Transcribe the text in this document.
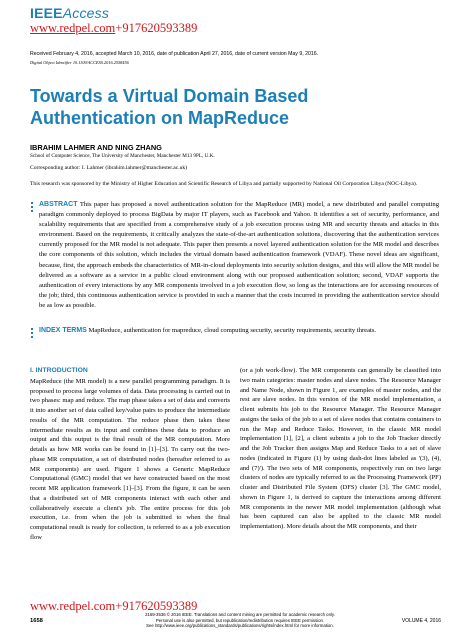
IEEEAccess
www.redpel.com+917620593389
Received February 4, 2016, accepted March 10, 2016, date of publication April 27, 2016, date of current version May 9, 2016.
Digital Object Identifier 10.1109/ACCESS.2016.2558456
Towards a Virtual Domain Based
Authentication on MapReduce
IBRAHIM LAHMER AND NING ZHANG
School of Computer Science, The University of Manchester, Manchester M13 9PL, U.K.
Corresponding author: I. Lahmer (ibrahim.lahmer@manchester.ac.uk)
This research was sponsored by the Ministry of Higher Education and Scientific Research of Libya and partially supported by National Oil Corporation Libya (NOC-Libya).
ABSTRACT This paper has proposed a novel authentication solution for the MapReduce (MR) model, a new distributed and parallel computing paradigm commonly deployed to process BigData by major IT players, such as Facebook and Yahoo. It identifies a set of security, performance, and scalability requirements that are specified from a comprehensive study of a job execution process using MR and security threats and attacks in this environment. Based on the requirements, it critically analyzes the state-of-the-art authentication solutions, discovering that the authentication services currently proposed for the MR model is not adequate. This paper then presents a novel layered authentication solution for the MR model and describes the core components of this solution, which includes the virtual domain based authentication framework (VDAF). These novel ideas are significant, because, first, the approach embeds the characteristics of MR-in-cloud deployments into security solution designs, and this will allow the MR model be delivered as a software as a service in a public cloud environment along with our proposed authentication solution; second, VDAF supports the authentication of every interactions by any MR components involved in a job execution flow, so long as the interactions are for accessing resources of the job; third, this continuous authentication service is provided in such a manner that the costs incurred in providing the authentication service should be as low as possible.
INDEX TERMS MapReduce, authentication for mapreduce, cloud computing security, security requirements, security threats.
I. INTRODUCTION
MapReduce (the MR model) is a new parallel programming paradigm. It is proposed to process large volumes of data. Data processing is carried out in two phases: map and reduce. The map phase takes a set of data and converts it into another set of data called key/value pairs to produce the intermediate results of the MR computation. The reduce phase then takes these intermediate results as its input and combines these data to produce an output and this output is the final result of the MR computation. More details as how MR works can be found in [1]–[3]. To carry out the two-phase MR computation, a set of distributed nodes (hereafter referred to as MR components) are used. Figure 1 shows a Generic MapReduce Computational (GMC) model that we have constructed based on the most recent MR application framework [1]–[3]. From the figure, it can be seen that a distributed set of MR components interact with each other and collaboratively execute a client's job. The entire process for this job execution, i.e. from when the job is submitted to when the final computational result is ready for collection, is referred to as a job execution flow
(or a job work-flow). The MR components can generally be classified into two main categories: master nodes and slave nodes. The Resource Manager and Name Node, shown in Figure 1, are examples of master nodes, and the rest are slave nodes. In this version of the MR model implementation, a client submits his job to the Resource Manager. The Resource Manager assigns the tasks of the job to a set of slave nodes that contains containers to run the Map and Reduce Tasks. However, in the classic MR model implementation [1], [2], a client submits a job to the Job Tracker directly and the Job Tracker then assigns Map and Reduce Tasks to a set of slave nodes (indicated in Figure (1) by using dash-dot lines labeled as '(3), (4), and (7)'). The two sets of MR components, respectively run on two large clusters of nodes are typically referred to as the Processing Framework (PF) cluster and Distributed File System (DFS) cluster [3]. The GMC model, shown in Figure 1, is derived to capture the interactions among different MR components in the newer MR model implementation (although what has been captured can also be applied to the classic MR model implementation). More details about the MR components, and their
www.redpel.com+917620593389
1658
2169-3536 © 2016 IEEE. Translations and content mining are permitted for academic research only.
Personal use is also permitted, but republication/redistribution requires IEEE permission.
See http://www.ieee.org/publications_standards/publications/rights/index.html for more information.
VOLUME 4, 2016
